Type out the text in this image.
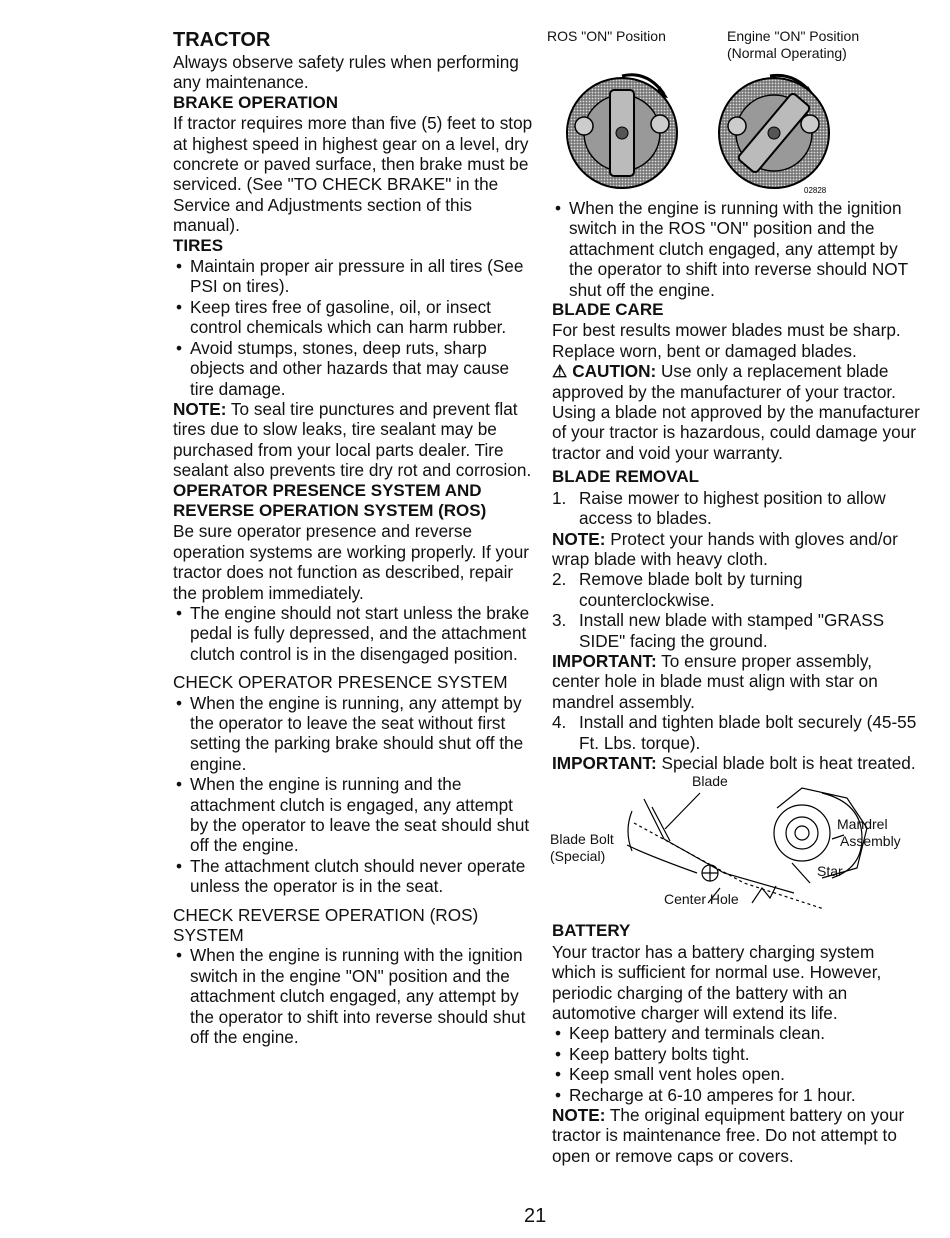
TRACTOR

Always observe safety rules when performing any maintenance.

BRAKE OPERATION

If tractor requires more than five (5) feet to stop at highest speed in highest gear on a level, dry concrete or paved surface, then brake must be serviced. (See "TO CHECK BRAKE" in the Service and Adjustments section of this manual).

TIRES

• Maintain proper air pressure in all tires (See PSI on tires).
• Keep tires free of gasoline, oil, or insect control chemicals which can harm rubber.
• Avoid stumps, stones, deep ruts, sharp objects and other hazards that may cause tire damage.

NOTE: To seal tire punctures and prevent flat tires due to slow leaks, tire sealant may be purchased from your local parts dealer. Tire sealant also prevents tire dry rot and corrosion.

OPERATOR PRESENCE SYSTEM AND REVERSE OPERATION SYSTEM (ROS)

Be sure operator presence and reverse operation systems are working properly. If your tractor does not function as described, repair the problem immediately.

• The engine should not start unless the brake pedal is fully depressed, and the attachment clutch control is in the disengaged position.

CHECK OPERATOR PRESENCE SYSTEM

• When the engine is running, any attempt by the operator to leave the seat without first setting the parking brake should shut off the engine.
• When the engine is running and the attachment clutch is engaged, any attempt by the operator to leave the seat should shut off the engine.
• The attachment clutch should never operate unless the operator is in the seat.

CHECK REVERSE OPERATION (ROS) SYSTEM

• When the engine is running with the ignition switch in the engine "ON" position and the attachment clutch engaged, any attempt by the operator to shift into reverse should shut off the engine.
ROS "ON" Position	Engine "ON" Position
(Normal Operating)
02828
• When the engine is running with the ignition switch in the ROS "ON" position and the attachment clutch engaged, any attempt by the operator to shift into reverse should NOT shut off the engine.

BLADE CARE

For best results mower blades must be sharp. Replace worn, bent or damaged blades.

⚠ CAUTION: Use only a replacement blade approved by the manufacturer of your tractor. Using a blade not approved by the manufacturer of your tractor is hazardous, could damage your tractor and void your warranty.

BLADE REMOVAL

1. Raise mower to highest position to allow access to blades.

NOTE: Protect your hands with gloves and/or wrap blade with heavy cloth.

2. Remove blade bolt by turning counterclockwise.
3. Install new blade with stamped "GRASS SIDE" facing the ground.

IMPORTANT: To ensure proper assembly, center hole in blade must align with star on mandrel assembly.

4. Install and tighten blade bolt securely (45-55 Ft. Lbs. torque).

IMPORTANT: Special blade bolt is heat treated.

Blade
Mandrel
Assembly
Blade Bolt
(Special)
Star
Center Hole

BATTERY

Your tractor has a battery charging system which is sufficient for normal use. However, periodic charging of the battery with an automotive charger will extend its life.

• Keep battery and terminals clean.
• Keep battery bolts tight.
• Keep small vent holes open.
• Recharge at 6-10 amperes for 1 hour.

NOTE: The original equipment battery on your tractor is maintenance free. Do not attempt to open or remove caps or covers.

21
